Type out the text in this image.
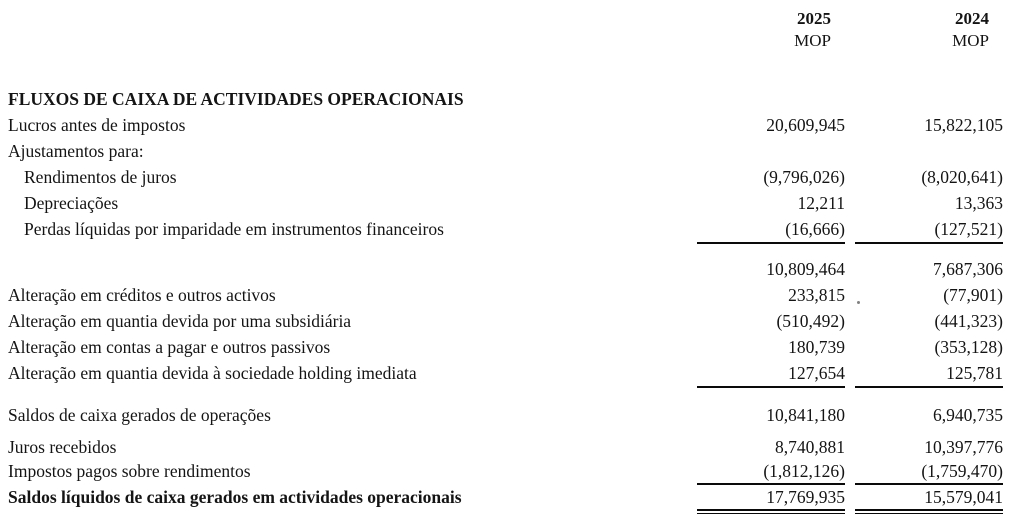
2025	2024
MOP	MOP
FLUXOS DE CAIXA DE ACTIVIDADES OPERACIONAIS
Lucros antes de impostos	20,609,945	15,822,105
Ajustamentos para:
Rendimentos de juros	(9,796,026)	(8,020,641)
Depreciações	12,211	13,363
Perdas líquidas por imparidade em instrumentos financeiros	(16,666)	(127,521)
10,809,464	7,687,306
Alteração em créditos e outros activos	233,815	(77,901)
Alteração em quantia devida por uma subsidiária	(510,492)	(441,323)
Alteração em contas a pagar e outros passivos	180,739	(353,128)
Alteração em quantia devida à sociedade holding imediata	127,654	125,781
Saldos de caixa gerados de operações	10,841,180	6,940,735
Juros recebidos	8,740,881	10,397,776
Impostos pagos sobre rendimentos	(1,812,126)	(1,759,470)
Saldos líquidos de caixa gerados em actividades operacionais	17,769,935	15,579,041
